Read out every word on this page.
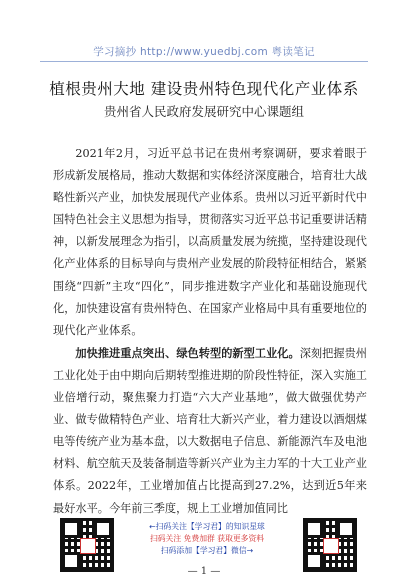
学习摘抄 http://www.yuedbj.com 粤读笔记
植根贵州大地 建设贵州特色现代化产业体系
贵州省人民政府发展研究中心课题组

2021年2月，习近平总书记在贵州考察调研，要求着眼于形成新发展格局，推动大数据和实体经济深度融合，培育壮大战略性新兴产业，加快发展现代产业体系。贵州以习近平新时代中国特色社会主义思想为指导，贯彻落实习近平总书记重要讲话精神，以新发展理念为指引，以高质量发展为统揽，坚持建设现代化产业体系的目标导向与贵州产业发展的阶段特征相结合，紧紧围绕“四新”主攻“四化”，同步推进数字产业化和基础设施现代化，加快建设富有贵州特色、在国家产业格局中具有重要地位的现代化产业体系。

加快推进重点突出、绿色转型的新型工业化。深刻把握贵州工业化处于由中期向后期转型推进期的阶段性特征，深入实施工业倍增行动，聚焦聚力打造“六大产业基地”，做大做强优势产业、做专做精特色产业、培育壮大新兴产业，着力建设以酒烟煤电等传统产业为基本盘，以大数据电子信息、新能源汽车及电池材料、航空航天及装备制造等新兴产业为主力军的十大工业产业体系。2022年，工业增加值占比提高到27.2%，达到近5年来最好水平。今年前三季度，规上工业增加值同比

←扫码关注【学习君】的知识星球
扫码关注 免费加群 获取更多资料
扫码添加【学习君】微信→
— 1 —
